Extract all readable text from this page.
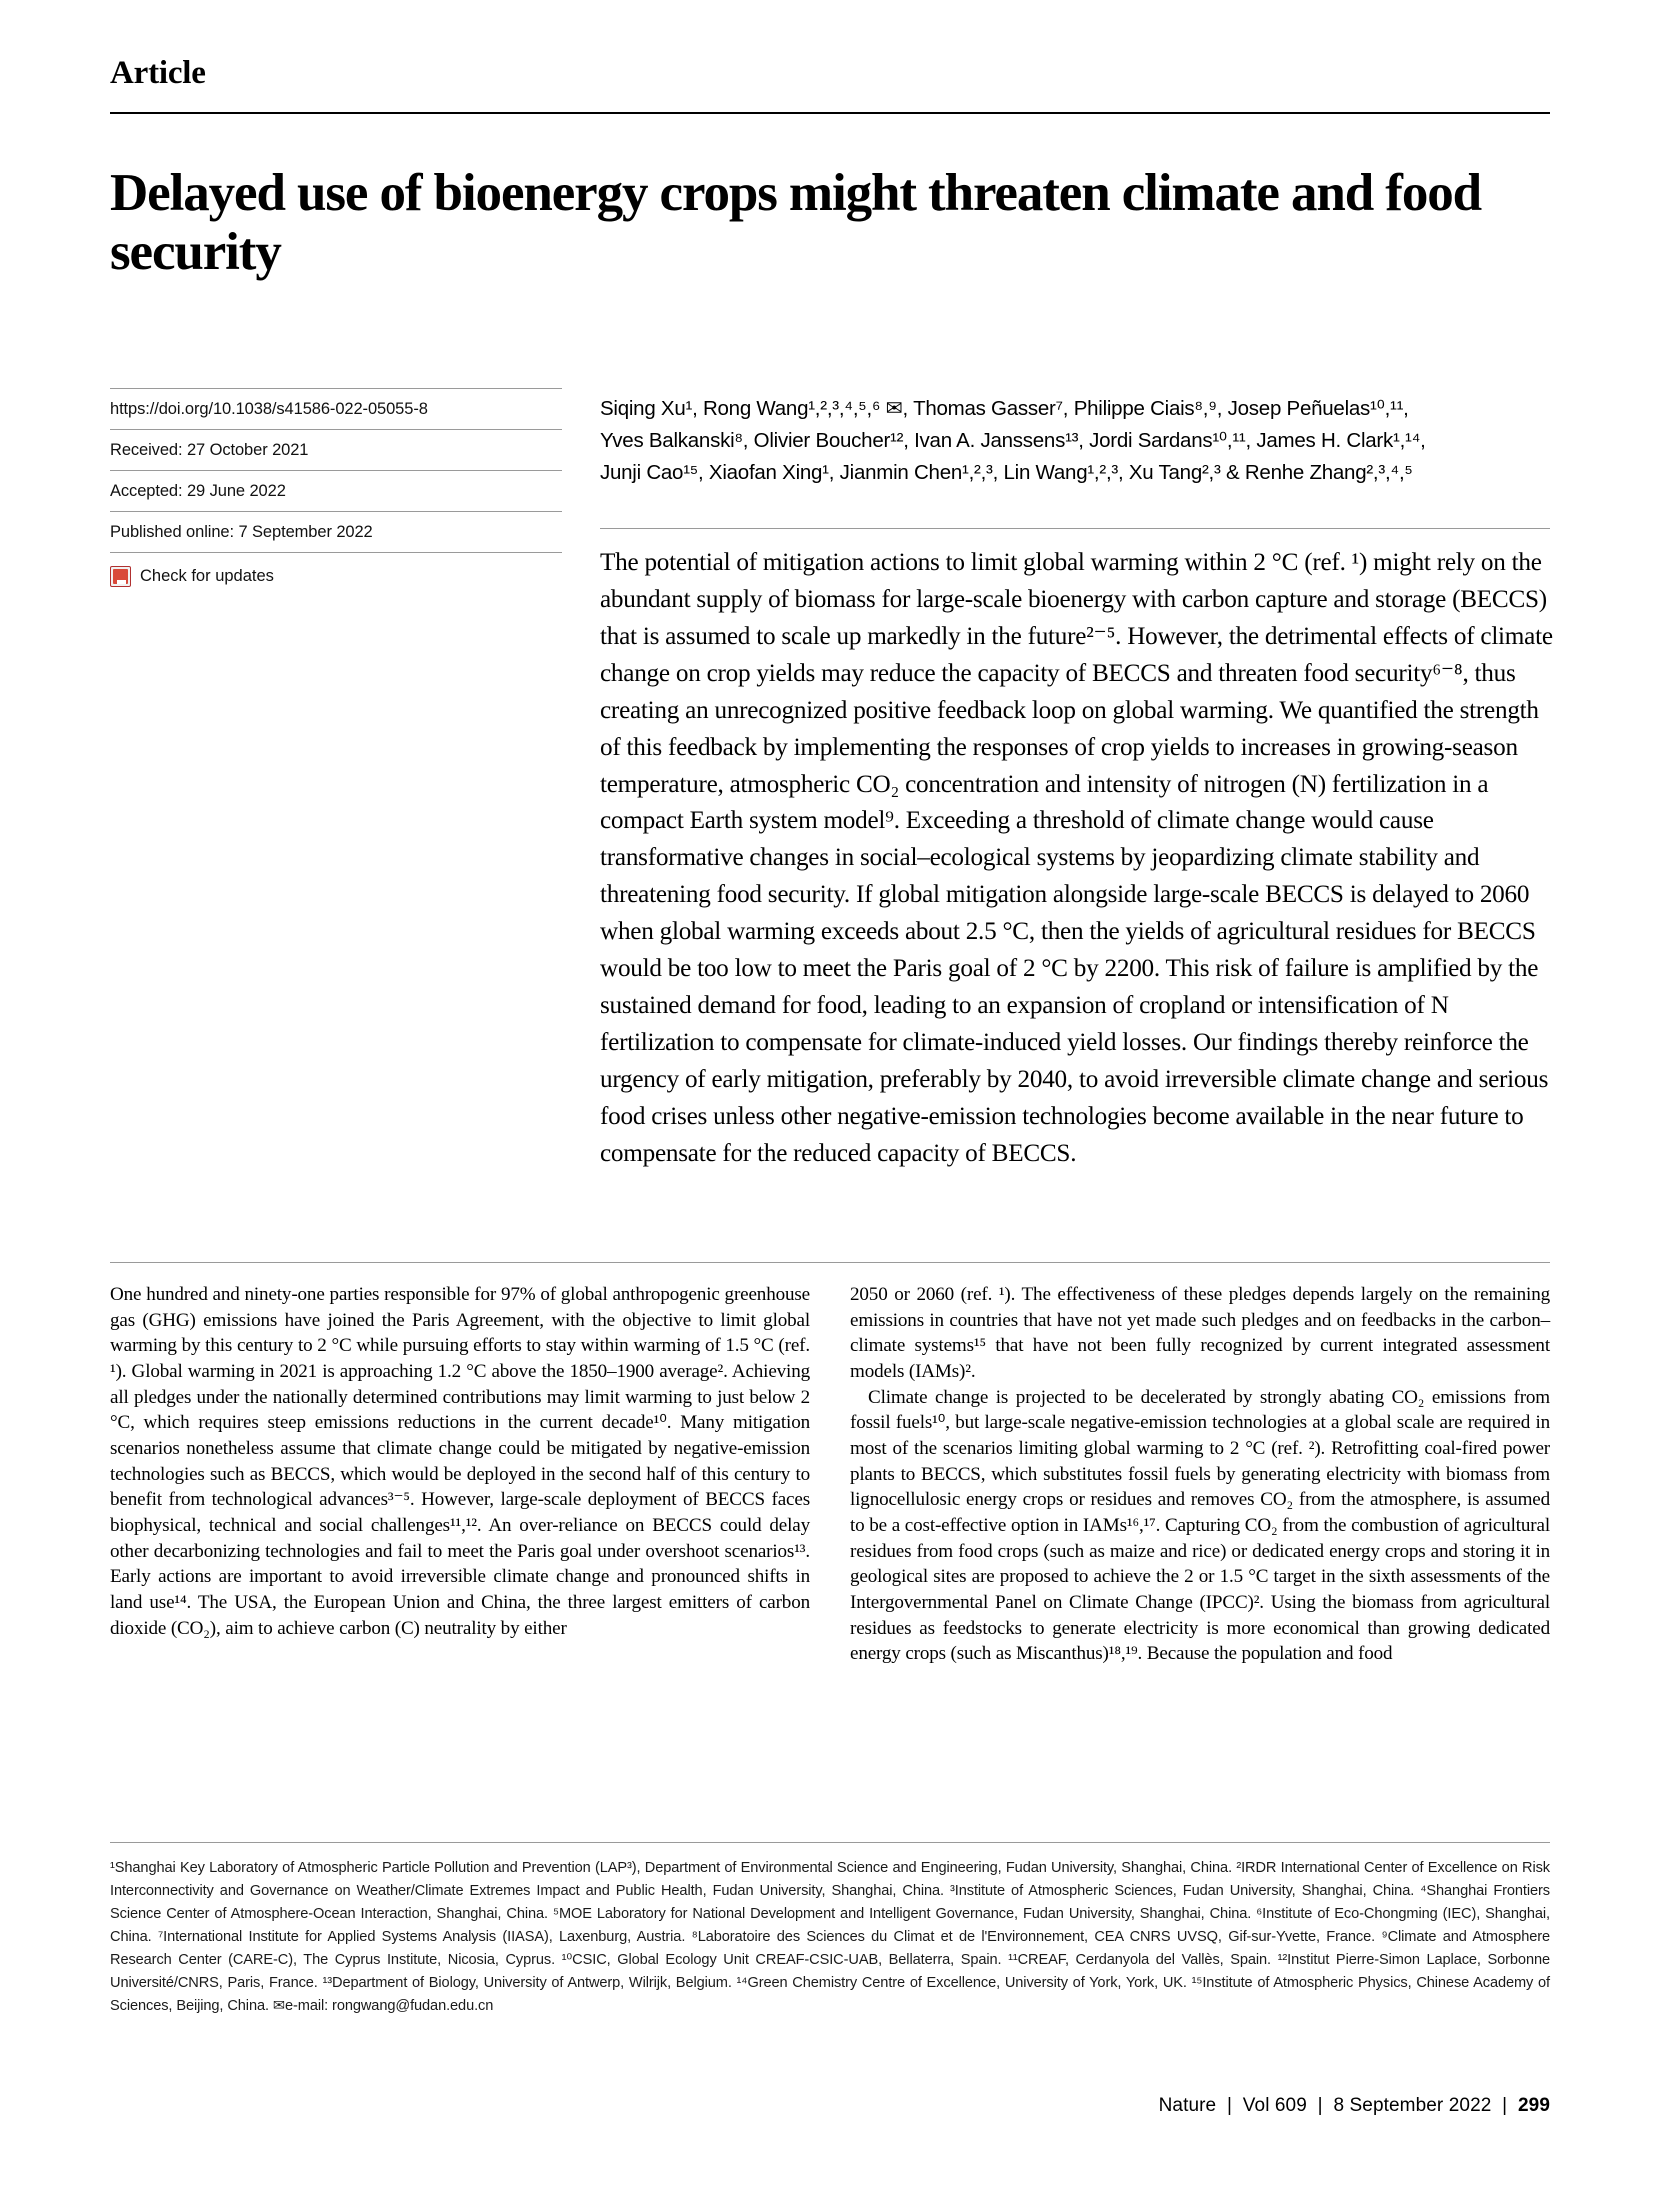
Article
Delayed use of bioenergy crops might threaten climate and food security
https://doi.org/10.1038/s41586-022-05055-8
Received: 27 October 2021
Accepted: 29 June 2022
Published online: 7 September 2022
Check for updates
Siqing Xu¹, Rong Wang¹,²,³,⁴,⁵,⁶ ✉, Thomas Gasser⁷, Philippe Ciais⁸,⁹, Josep Peñuelas¹⁰,¹¹,
Yves Balkanski⁸, Olivier Boucher¹², Ivan A. Janssens¹³, Jordi Sardans¹⁰,¹¹, James H. Clark¹,¹⁴,
Junji Cao¹⁵, Xiaofan Xing¹, Jianmin Chen¹,²,³, Lin Wang¹,²,³, Xu Tang²,³ & Renhe Zhang²,³,⁴,⁵
The potential of mitigation actions to limit global warming within 2 °C (ref. ¹) might rely on the abundant supply of biomass for large-scale bioenergy with carbon capture and storage (BECCS) that is assumed to scale up markedly in the future²⁻⁵. However, the detrimental effects of climate change on crop yields may reduce the capacity of BECCS and threaten food security⁶⁻⁸, thus creating an unrecognized positive feedback loop on global warming. We quantified the strength of this feedback by implementing the responses of crop yields to increases in growing-season temperature, atmospheric CO₂ concentration and intensity of nitrogen (N) fertilization in a compact Earth system model⁹. Exceeding a threshold of climate change would cause transformative changes in social–ecological systems by jeopardizing climate stability and threatening food security. If global mitigation alongside large-scale BECCS is delayed to 2060 when global warming exceeds about 2.5 °C, then the yields of agricultural residues for BECCS would be too low to meet the Paris goal of 2 °C by 2200. This risk of failure is amplified by the sustained demand for food, leading to an expansion of cropland or intensification of N fertilization to compensate for climate-induced yield losses. Our findings thereby reinforce the urgency of early mitigation, preferably by 2040, to avoid irreversible climate change and serious food crises unless other negative-emission technologies become available in the near future to compensate for the reduced capacity of BECCS.

One hundred and ninety-one parties responsible for 97% of global anthropogenic greenhouse gas (GHG) emissions have joined the Paris Agreement, with the objective to limit global warming by this century to 2 °C while pursuing efforts to stay within warming of 1.5 °C (ref. ¹). Global warming in 2021 is approaching 1.2 °C above the 1850–1900 average². Achieving all pledges under the nationally determined contributions may limit warming to just below 2 °C, which requires steep emissions reductions in the current decade¹⁰. Many mitigation scenarios nonetheless assume that climate change could be mitigated by negative-emission technologies such as BECCS, which would be deployed in the second half of this century to benefit from technological advances³⁻⁵. However, large-scale deployment of BECCS faces biophysical, technical and social challenges¹¹,¹². An over-reliance on BECCS could delay other decarbonizing technologies and fail to meet the Paris goal under overshoot scenarios¹³. Early actions are important to avoid irreversible climate change and pronounced shifts in land use¹⁴. The USA, the European Union and China, the three largest emitters of carbon dioxide (CO₂), aim to achieve carbon (C) neutrality by either

2050 or 2060 (ref. ¹). The effectiveness of these pledges depends largely on the remaining emissions in countries that have not yet made such pledges and on feedbacks in the carbon–climate systems¹⁵ that have not been fully recognized by current integrated assessment models (IAMs)².

Climate change is projected to be decelerated by strongly abating CO₂ emissions from fossil fuels¹⁰, but large-scale negative-emission technologies at a global scale are required in most of the scenarios limiting global warming to 2 °C (ref. ²). Retrofitting coal-fired power plants to BECCS, which substitutes fossil fuels by generating electricity with biomass from lignocellulosic energy crops or residues and removes CO₂ from the atmosphere, is assumed to be a cost-effective option in IAMs¹⁶,¹⁷. Capturing CO₂ from the combustion of agricultural residues from food crops (such as maize and rice) or dedicated energy crops and storing it in geological sites are proposed to achieve the 2 or 1.5 °C target in the sixth assessments of the Intergovernmental Panel on Climate Change (IPCC)². Using the biomass from agricultural residues as feedstocks to generate electricity is more economical than growing dedicated energy crops (such as Miscanthus)¹⁸,¹⁹. Because the population and food

¹Shanghai Key Laboratory of Atmospheric Particle Pollution and Prevention (LAP³), Department of Environmental Science and Engineering, Fudan University, Shanghai, China. ²IRDR International Center of Excellence on Risk Interconnectivity and Governance on Weather/Climate Extremes Impact and Public Health, Fudan University, Shanghai, China. ³Institute of Atmospheric Sciences, Fudan University, Shanghai, China. ⁴Shanghai Frontiers Science Center of Atmosphere-Ocean Interaction, Shanghai, China. ⁵MOE Laboratory for National Development and Intelligent Governance, Fudan University, Shanghai, China. ⁶Institute of Eco-Chongming (IEC), Shanghai, China. ⁷International Institute for Applied Systems Analysis (IIASA), Laxenburg, Austria. ⁸Laboratoire des Sciences du Climat et de l'Environnement, CEA CNRS UVSQ, Gif-sur-Yvette, France. ⁹Climate and Atmosphere Research Center (CARE-C), The Cyprus Institute, Nicosia, Cyprus. ¹⁰CSIC, Global Ecology Unit CREAF-CSIC-UAB, Bellaterra, Spain. ¹¹CREAF, Cerdanyola del Vallès, Spain. ¹²Institut Pierre-Simon Laplace, Sorbonne Université/CNRS, Paris, France. ¹³Department of Biology, University of Antwerp, Wilrijk, Belgium. ¹⁴Green Chemistry Centre of Excellence, University of York, York, UK. ¹⁵Institute of Atmospheric Physics, Chinese Academy of Sciences, Beijing, China. ✉e-mail: rongwang@fudan.edu.cn
Nature  |  Vol 609  |  8 September 2022  |  299
